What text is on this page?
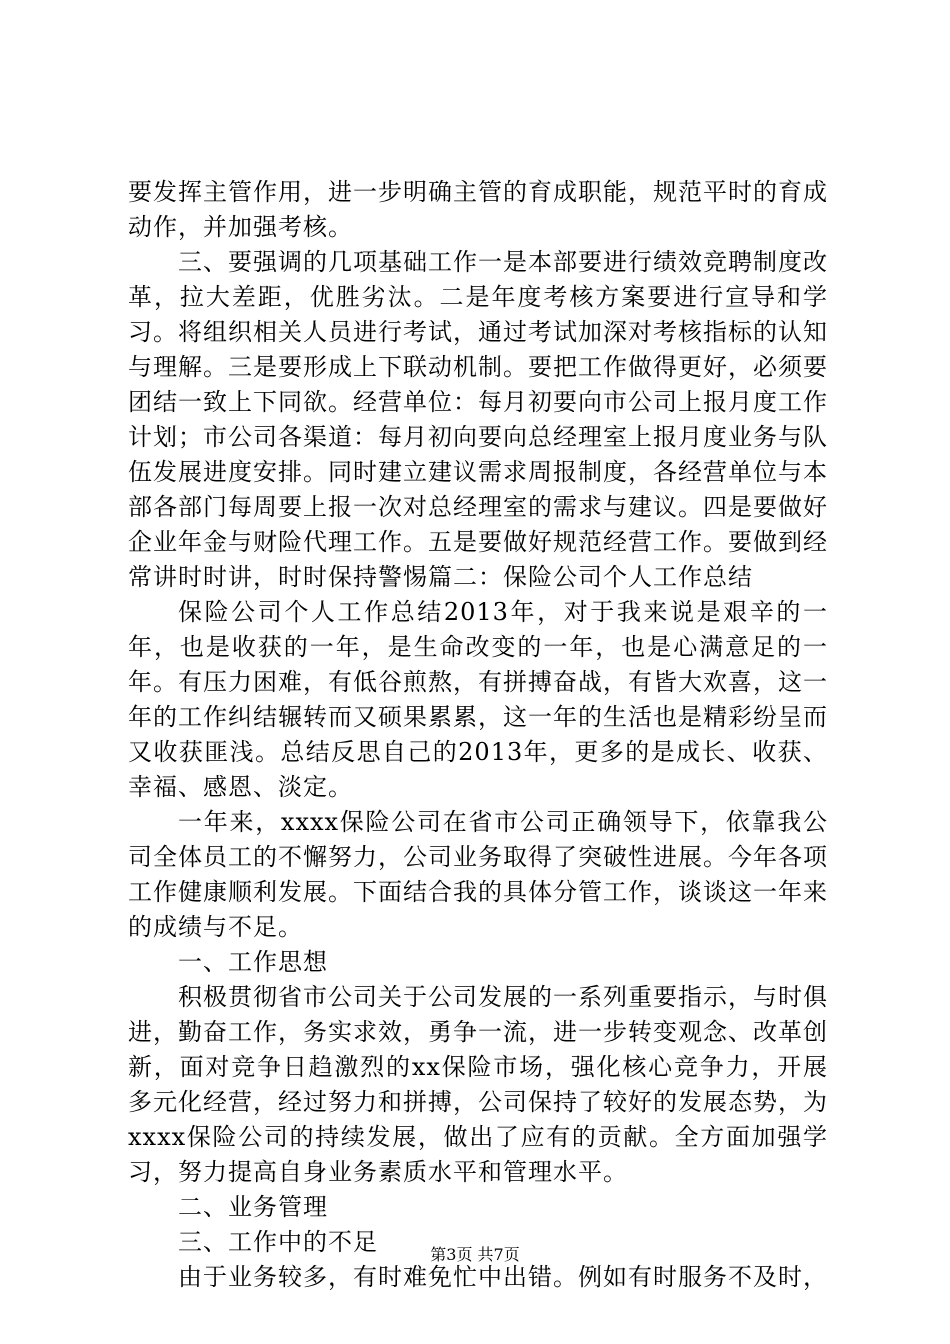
要发挥主管作用，进一步明确主管的育成职能，规范平时的育成动作，并加强考核。

三、要强调的几项基础工作一是本部要进行绩效竞聘制度改革，拉大差距，优胜劣汰。二是年度考核方案要进行宣导和学习。将组织相关人员进行考试，通过考试加深对考核指标的认知与理解。三是要形成上下联动机制。要把工作做得更好，必须要团结一致上下同欲。经营单位：每月初要向市公司上报月度工作计划；市公司各渠道：每月初向要向总经理室上报月度业务与队伍发展进度安排。同时建立建议需求周报制度，各经营单位与本部各部门每周要上报一次对总经理室的需求与建议。四是要做好企业年金与财险代理工作。五是要做好规范经营工作。要做到经常讲时时讲，时时保持警惕篇二：保险公司个人工作总结

保险公司个人工作总结2013年，对于我来说是艰辛的一年，也是收获的一年，是生命改变的一年，也是心满意足的一年。有压力困难，有低谷煎熬，有拼搏奋战，有皆大欢喜，这一年的工作纠结辗转而又硕果累累，这一年的生活也是精彩纷呈而又收获匪浅。总结反思自己的2013年，更多的是成长、收获、幸福、感恩、淡定。

一年来，xxxx保险公司在省市公司正确领导下，依靠我公司全体员工的不懈努力，公司业务取得了突破性进展。今年各项工作健康顺利发展。下面结合我的具体分管工作，谈谈这一年来的成绩与不足。

一、工作思想

积极贯彻省市公司关于公司发展的一系列重要指示，与时俱进，勤奋工作，务实求效，勇争一流，进一步转变观念、改革创新，面对竞争日趋激烈的xx保险市场，强化核心竞争力，开展多元化经营，经过努力和拼搏，公司保持了较好的发展态势，为xxxx保险公司的持续发展，做出了应有的贡献。全方面加强学习，努力提高自身业务素质水平和管理水平。

二、业务管理

三、工作中的不足

由于业务较多，有时难免忙中出错。例如有时服务不及时，

第3页 共7页
